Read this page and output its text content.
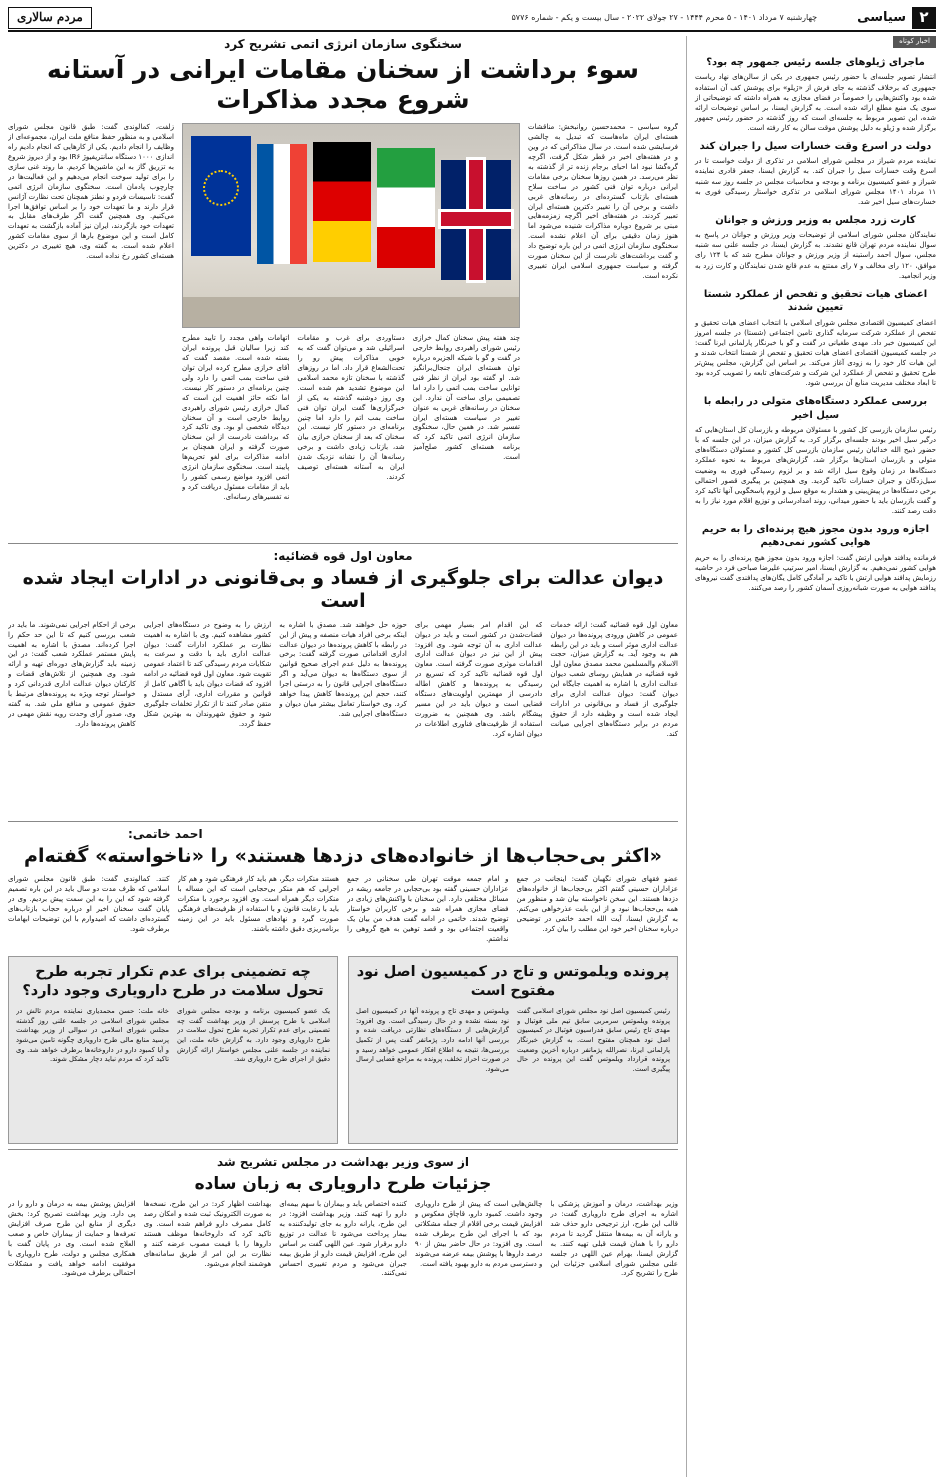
۲
سیاسی
چهارشنبه ۷ مرداد ۱۴۰۱ - ۵ محرم ۱۴۴۴ - ۲۷ جولای ۲۰۲۲ - سال بیست و یکم - شماره ۵۷۷۶
مردم سالاری
اخبار کوتاه
ماجرای ژیلوهای جلسه رئیس جمهور چه بود؟

انتشار تصویر جلسه‌ای با حضور رئیس جمهوری در یکی از سالن‌های نهاد ریاست جمهوری که برخلاف گذشته به جای فرش از «ژیلو» برای پوشش کف آن استفاده شده بود واکنش‌هایی را خصوصاً در فضای مجازی به همراه داشته که توضیحاتی از سوی یک منبع مطلع ارائه شده است. به گزارش ایسنا، بر اساس توضیحات ارائه شده، این تصویر مربوط به جلسه‌ای است که روز گذشته در حضور رئیس جمهور برگزار شده و ژیلو به دلیل پوشش موقت سالن به کار رفته است.

دولت در اسرع وقت خسارات سیل را جبران کند

نماینده مردم شیراز در مجلس شورای اسلامی در تذکری از دولت خواست تا در اسرع وقت خسارات سیل را جبران کند. به گزارش ایسنا، جعفر قادری نماینده شیراز و عضو کمیسیون برنامه و بودجه و محاسبات مجلس در جلسه روز سه شنبه ۱۱ مرداد ۱۴۰۱ مجلس شورای اسلامی در تذکری خواستار رسیدگی فوری به خسارت‌های سیل اخیر شد.

کارت زرد مجلس به وزیر ورزش و جوانان

نمایندگان مجلس شورای اسلامی از توضیحات وزیر ورزش و جوانان در پاسخ به سوال نماینده مردم تهران قانع نشدند. به گزارش ایسنا، در جلسه علنی سه شنبه مجلس، سوال احمد راستینه از وزیر ورزش و جوانان مطرح شد که با ۱۲۴ رای موافق، ۱۲۰ رای مخالف و ۷ رای ممتنع به عدم قانع شدن نمایندگان و کارت زرد به وزیر انجامید.

اعضای هیات تحقیق و تفحص از عملکرد شستا تعیین شدند

اعضای کمیسیون اقتصادی مجلس شورای اسلامی با انتخاب اعضای هیات تحقیق و تفحص از عملکرد شرکت سرمایه گذاری تامین اجتماعی (شستا) در جلسه امروز این کمیسیون خبر داد. مهدی طغیانی در گفت و گو با خبرنگار پارلمانی ایرنا گفت: در جلسه کمیسیون اقتصادی اعضای هیات تحقیق و تفحص از شستا انتخاب شدند و این هیات کار خود را به زودی آغاز می‌کند. بر اساس این گزارش، مجلس پیش‌تر طرح تحقیق و تفحص از عملکرد این شرکت و شرکت‌های تابعه را تصویب کرده بود تا ابعاد مختلف مدیریت منابع آن بررسی شود.

بررسی عملکرد دستگاه‌های متولی در رابطه با سیل اخیر

رئیس سازمان بازرسی کل کشور با مسئولان مربوطه و بازرسان کل استان‌هایی که درگیر سیل اخیر بودند جلسه‌ای برگزار کرد. به گزارش میزان، در این جلسه که با حضور ذبیح الله خدائیان رئیس سازمان بازرسی کل کشور و مسئولان دستگاه‌های متولی و بازرسان استان‌ها برگزار شد، گزارش‌های مربوط به نحوه عملکرد دستگاه‌ها در زمان وقوع سیل ارائه شد و بر لزوم رسیدگی فوری به وضعیت سیل‌زدگان و جبران خسارات تاکید گردید. وی همچنین بر پیگیری قصور احتمالی برخی دستگاه‌ها در پیش‌بینی و هشدار به موقع سیل و لزوم پاسخگویی آنها تاکید کرد و گفت بازرسان باید با حضور میدانی، روند امدادرسانی و توزیع اقلام مورد نیاز را به دقت رصد کنند.

اجازه ورود بدون مجوز هیچ پرنده‌ای را به حریم هوایی کشور نمی‌دهیم

فرمانده پدافند هوایی ارتش گفت: اجازه ورود بدون مجوز هیچ پرنده‌ای را به حریم هوایی کشور نمی‌دهیم. به گزارش ایسنا، امیر سرتیپ علیرضا صباحی فرد در حاشیه رزمایش پدافند هوایی ارتش با تاکید بر آمادگی کامل یگان‌های پدافندی گفت نیروهای پدافند هوایی به صورت شبانه‌روزی آسمان کشور را رصد می‌کنند.

سخنگوی سازمان انرژی اتمی تشریح کرد
سوء برداشت از سخنان مقامات ایرانی در آستانه شروع مجدد مذاکرات
گروه سیاسی – محمدحسین روانبخش: مناقشات هسته‌ای ایران ماه‌هاست که تبدیل به چالشی فرسایشی شده است. در سال مذاکراتی که در وین و در هفته‌های اخیر در قطر شکل گرفت، اگرچه گره‌گشا نبود اما احیای برجام زنده تر از گذشته به نظر می‌رسد. در همین روزها سخنان برخی مقامات ایرانی درباره توان فنی کشور در ساخت سلاح هسته‌ای بازتاب گسترده‌ای در رسانه‌های غربی داشت و برخی آن را تغییر دکترین هسته‌ای ایران تعبیر کردند. در هفته‌های اخیر اگرچه زمزمه‌هایی مبنی بر شروع دوباره مذاکرات شنیده می‌شود اما هنوز زمان دقیقی برای آن اعلام نشده است. سخنگوی سازمان انرژی اتمی در این باره توضیح داد و گفت برداشت‌های نادرست از این سخنان صورت گرفته و سیاست جمهوری اسلامی ایران تغییری نکرده است.
چند هفته پیش سخنان کمال خرازی رئیس شورای راهبردی روابط خارجی در گفت و گو با شبکه الجزیره درباره توان هسته‌ای ایران جنجال‌برانگیز شد. او گفته بود ایران از نظر فنی توانایی ساخت بمب اتمی را دارد اما تصمیمی برای ساخت آن ندارد. این سخنان در رسانه‌های غربی به عنوان تغییر در سیاست هسته‌ای ایران تفسیر شد. در همین حال، سخنگوی سازمان انرژی اتمی تاکید کرد که برنامه هسته‌ای کشور صلح‌آمیز است.
دستاوردی برای غرب و مقامات اسرائیلی شد و می‌توان گفت که به خوبی مذاکرات پیش رو را تحت‌الشعاع قرار داد. اما در روزهای گذشته با سخنان تازه محمد اسلامی این موضوع تشدید هم شده است. وی روز دوشنبه گذشته به یکی از خبرگزاری‌ها گفت ایران توان فنی ساخت بمب اتم را دارد اما چنین برنامه‌ای در دستور کار نیست. این سخنان که بعد از سخنان خرازی بیان شد، بازتاب زیادی داشت و برخی رسانه‌ها آن را نشانه نزدیک شدن ایران به آستانه هسته‌ای توصیف کردند.
اتهامات واهی مجدد را تایید مطرح کند زیرا سالیان قبل پرونده ایران بسته شده است. مقصد گفت که آقای خرازی مطرح کرده ایران توان فنی ساخت بمب اتمی را دارد ولی چنین برنامه‌ای در دستور کار نیست. اما نکته حائز اهمیت این است که کمال خرازی رئیس شورای راهبردی روابط خارجی است و آن سخنان دیدگاه شخصی او بود. وی تاکید کرد که برداشت نادرست از این سخنان صورت گرفته و ایران همچنان بر ادامه مذاکرات برای لغو تحریم‌ها پایبند است. سخنگوی سازمان انرژی اتمی افزود مواضع رسمی کشور را باید از مقامات مسئول دریافت کرد و نه تفسیرهای رسانه‌ای.
زلفت، کمالوندی گفت: طبق قانون مجلس شورای اسلامی و به منظور حفظ منافع ملت ایران، مجموعه‌ای از وظایف را انجام دادیم. یکی از کارهایی که انجام دادیم راه اندازی ۱۰۰۰ دستگاه سانتریفیوژ IR۶ بود و از دیروز شروع به تزریق گاز به این ماشین‌ها کردیم. ما روند غنی سازی را برای تولید سوخت انجام می‌دهیم و این فعالیت‌ها در چارچوب پادمان است. سخنگوی سازمان انرژی اتمی گفت: تاسیسات فردو و نطنز همچنان تحت نظارت آژانس قرار دارند و ما تعهدات خود را بر اساس توافق‌ها اجرا می‌کنیم. وی همچنین گفت اگر طرف‌های مقابل به تعهدات خود بازگردند، ایران نیز آماده بازگشت به تعهدات کامل است و این موضوع بارها از سوی مقامات کشور اعلام شده است. به گفته وی، هیچ تغییری در دکترین هسته‌ای کشور رخ نداده است.
معاون اول قوه قضائیه:
دیوان عدالت برای جلوگیری از فساد و بی‌قانونی در ادارات ایجاد شده است
معاون اول قوه قضائیه گفت: ارائه خدمات عمومی در کاهش ورودی پرونده‌ها در دیوان عدالت اداری موثر است و باید در این رابطه هم به وجود آید. به گزارش میزان، حجت الاسلام والمسلمین محمد مصدق معاون اول قوه قضائیه در همایش روسای شعب دیوان عدالت اداری با اشاره به اهمیت جایگاه این دیوان گفت: دیوان عدالت اداری برای جلوگیری از فساد و بی‌قانونی در ادارات ایجاد شده است و وظیفه دارد از حقوق مردم در برابر دستگاه‌های اجرایی صیانت کند.
که این اقدام امر بسیار مهمی برای قضات‌شدن در کشور است و باید در دیوان عدالت اداری به آن توجه شود. وی افزود: پیش از این نیز در دیوان عدالت اداری اقدامات موثری صورت گرفته است. معاون اول قوه قضائیه تاکید کرد که تسریع در رسیدگی به پرونده‌ها و کاهش اطاله دادرسی از مهمترین اولویت‌های دستگاه قضایی است و دیوان باید در این مسیر پیشگام باشد. وی همچنین به ضرورت استفاده از ظرفیت‌های فناوری اطلاعات در دیوان اشاره کرد.
حوزه حل خواهند شد. مصدق با اشاره به اینکه برخی افراد هیات منصفه و پیش از این در رابطه با کاهش پرونده‌ها در دیوان عدالت اداری اقداماتی صورت گرفته گفت: برخی پرونده‌ها به دلیل عدم اجرای صحیح قوانین از سوی دستگاه‌ها به دیوان می‌آید و اگر دستگاه‌های اجرایی قانون را به درستی اجرا کنند، حجم این پرونده‌ها کاهش پیدا خواهد کرد. وی خواستار تعامل بیشتر میان دیوان و دستگاه‌های اجرایی شد.
ارزش را به وضوح در دستگاه‌های اجرایی کشور مشاهده کنیم. وی با اشاره به اهمیت نظارت بر عملکرد ادارات گفت: دیوان عدالت اداری باید با دقت و سرعت به شکایات مردم رسیدگی کند تا اعتماد عمومی تقویت شود. معاون اول قوه قضائیه در ادامه افزود که قضات دیوان باید با آگاهی کامل از قوانین و مقررات اداری، آرای مستدل و متقن صادر کنند تا از تکرار تخلفات جلوگیری شود و حقوق شهروندان به بهترین شکل حفظ گردد.
برخی از احکام اجرایی نمی‌شوند. ما باید در شعب بررسی کنیم که تا این حد حکم را اجرا کرده‌اند. مصدق با اشاره به اهمیت پایش مستمر عملکرد شعب گفت: در این زمینه باید گزارش‌های دوره‌ای تهیه و ارائه شود. وی همچنین از تلاش‌های قضات و کارکنان دیوان عدالت اداری قدردانی کرد و خواستار توجه ویژه به پرونده‌های مرتبط با حقوق عمومی و منافع ملی شد. به گفته وی، صدور آرای وحدت رویه نقش مهمی در کاهش پرونده‌ها دارد.
احمد خاتمی:
«اکثر بی‌حجاب‌ها از خانواده‌های دزدها هستند» را «ناخواسته» گفته‌ام
عضو فقهای شورای نگهبان گفت: اینجانب در جمع عزاداران حسینی گفتم اکثر بی‌حجاب‌ها از خانواده‌های دزدها هستند. این سخن ناخواسته بیان شد و منظور من همه بی‌حجاب‌ها نبود و از این بابت عذرخواهی می‌کنم. به گزارش ایسنا، آیت الله احمد خاتمی در توضیحی درباره سخنان اخیر خود این مطلب را بیان کرد.
و امام جمعه موقت تهران طی سخنانی در جمع عزاداران حسینی گفته بود بی‌حجابی در جامعه ریشه در مسائل مختلفی دارد. این سخنان با واکنش‌های زیادی در فضای مجازی همراه شد و برخی کاربران خواستار توضیح شدند. خاتمی در ادامه گفت هدف من بیان یک واقعیت اجتماعی بود و قصد توهین به هیچ گروهی را نداشتم.
هستند منکرات دیگر، هم باید کار فرهنگی شود و هم کار اجرایی که هم منکر بی‌حجابی است که این مساله با منکرات دیگر همراه است. وی افزود برخورد با منکرات باید با رعایت قانون و با استفاده از ظرفیت‌های فرهنگی صورت گیرد و نهادهای مسئول باید در این زمینه برنامه‌ریزی دقیق داشته باشند.
کنند. کمالوندی گفت: طبق قانون مجلس شورای اسلامی که ظرف مدت دو سال باید در این باره تصمیم گرفته شود که این را به این سمت پیش بردیم. وی در پایان گفت سخنان اخیر او درباره حجاب بازتاب‌های گسترده‌ای داشت که امیدوارم با این توضیحات ابهامات برطرف شود.
پرونده ویلموتس و تاج در کمیسیون اصل نود مفتوح است
رئیس کمیسیون اصل نود مجلس شورای اسلامی گفت پرونده ویلموتس سرمربی سابق تیم ملی فوتبال و مهدی تاج رئیس سابق فدراسیون فوتبال در کمیسیون اصل نود همچنان مفتوح است. به گزارش خبرنگار پارلمانی ایرنا، نصرالله پژمانفر درباره آخرین وضعیت پرونده قرارداد ویلموتس گفت این پرونده در حال پیگیری است.
ویلموتس و مهدی تاج و پرونده آنها در کمیسیون اصل نود بسته نشده و در حال رسیدگی است. وی افزود: گزارش‌هایی از دستگاه‌های نظارتی دریافت شده و بررسی آنها ادامه دارد. پژمانفر گفت پس از تکمیل بررسی‌ها، نتیجه به اطلاع افکار عمومی خواهد رسید و در صورت احراز تخلف، پرونده به مراجع قضایی ارسال می‌شود.
چه تضمینی برای عدم تکرار تجربه طرح تحول سلامت در طرح دارویاری وجود دارد؟
یک عضو کمیسیون برنامه و بودجه مجلس شورای اسلامی با طرح پرسش از وزیر بهداشت گفت چه تضمینی برای عدم تکرار تجربه طرح تحول سلامت در طرح دارویاری وجود دارد. به گزارش خانه ملت، این نماینده در جلسه علنی مجلس خواستار ارائه گزارش دقیق از اجرای طرح دارویاری شد.
خانه ملت: حسن محمدیاری نماینده مردم تالش در مجلس شورای اسلامی در جلسه علنی روز گذشته مجلس شورای اسلامی در سوالی از وزیر بهداشت پرسید منابع مالی طرح دارویاری چگونه تامین می‌شود و آیا کمبود دارو در داروخانه‌ها برطرف خواهد شد. وی تاکید کرد که مردم نباید دچار مشکل شوند.
از سوی وزیر بهداشت در مجلس تشریح شد
جزئیات طرح دارویاری به زبان ساده
وزیر بهداشت، درمان و آموزش پزشکی با اشاره به اجرای طرح دارویاری گفت: در قالب این طرح، ارز ترجیحی دارو حذف شد و یارانه آن به بیمه‌ها منتقل گردید تا مردم دارو را با همان قیمت قبلی تهیه کنند. به گزارش ایسنا، بهرام عین اللهی در جلسه علنی مجلس شورای اسلامی جزئیات این طرح را تشریح کرد.
چالش‌هایی است که پیش از طرح دارویاری وجود داشت. کمبود دارو، قاچاق معکوس و افزایش قیمت برخی اقلام از جمله مشکلاتی بود که با اجرای این طرح برطرف شده است. وی افزود: در حال حاضر بیش از ۹۰ درصد داروها با پوشش بیمه عرضه می‌شوند و دسترسی مردم به دارو بهبود یافته است.
کننده اختصاص یابد و بیماران با سهم بیمه‌ای دارو را تهیه کنند. وزیر بهداشت افزود: در این طرح، یارانه دارو به جای تولیدکننده به بیمار پرداخت می‌شود تا عدالت در توزیع دارو برقرار شود. عین اللهی گفت بر اساس این طرح، افزایش قیمت دارو از طریق بیمه جبران می‌شود و مردم تغییری احساس نمی‌کنند.
بهداشت اظهار کرد: در این طرح، نسخه‌ها به صورت الکترونیک ثبت شده و امکان رصد کامل مصرف دارو فراهم شده است. وی تاکید کرد که داروخانه‌ها موظف هستند داروها را با قیمت مصوب عرضه کنند و نظارت بر این امر از طریق سامانه‌های هوشمند انجام می‌شود.
افزایش پوشش بیمه به درمان و دارو را در پی دارد. وزیر بهداشت تصریح کرد: بخش دیگری از منابع این طرح صرف افزایش تعرفه‌ها و حمایت از بیماران خاص و صعب العلاج شده است. وی در پایان گفت با همکاری مجلس و دولت، طرح دارویاری با موفقیت ادامه خواهد یافت و مشکلات احتمالی برطرف می‌شود.
